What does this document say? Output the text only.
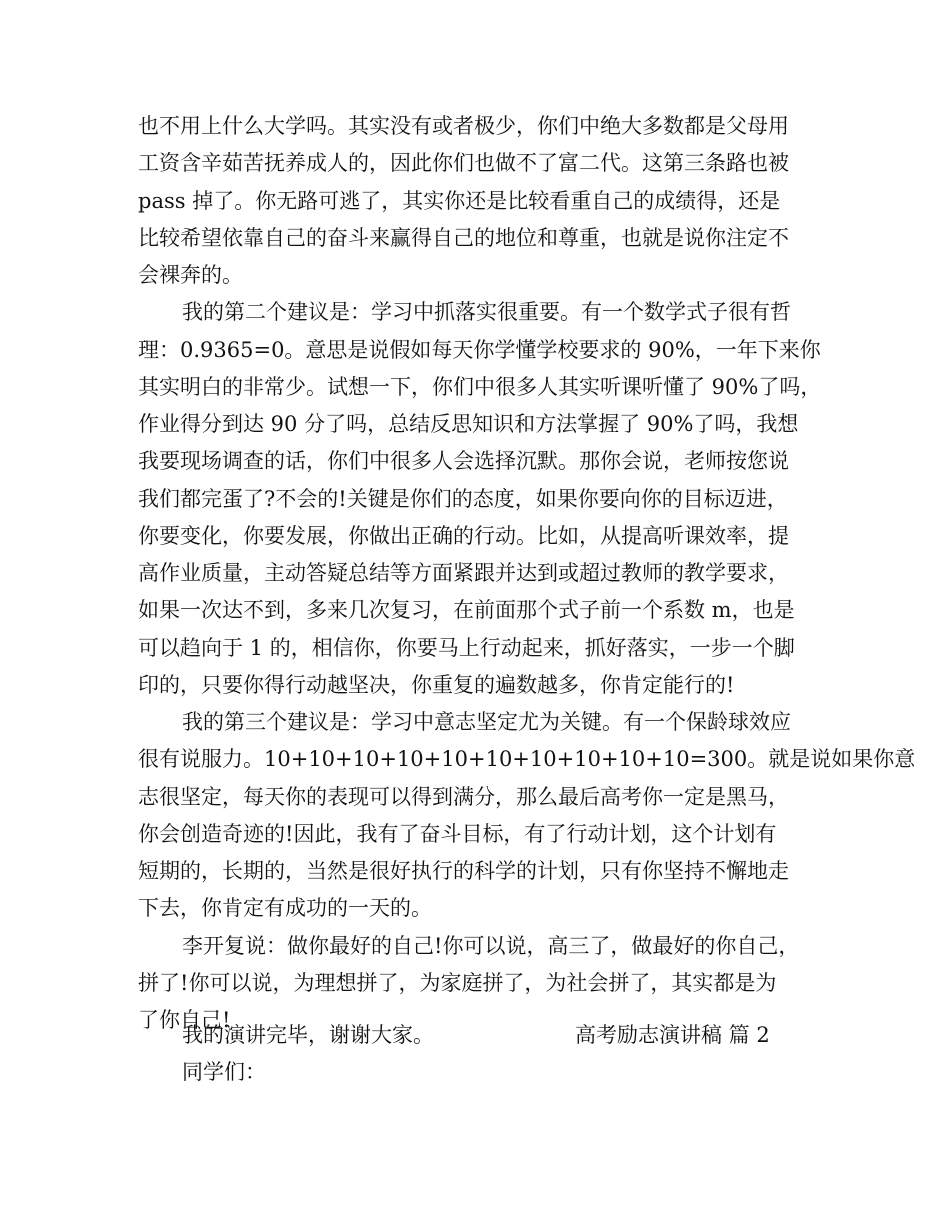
也不用上什么大学吗。其实没有或者极少，你们中绝大多数都是父母用
工资含辛茹苦抚养成人的，因此你们也做不了富二代。这第三条路也被
pass 掉了。你无路可逃了，其实你还是比较看重自己的成绩得，还是
比较希望依靠自己的奋斗来赢得自己的地位和尊重，也就是说你注定不
会裸奔的。
我的第二个建议是：学习中抓落实很重要。有一个数学式子很有哲
理：0.9365=0。意思是说假如每天你学懂学校要求的 90%，一年下来你
其实明白的非常少。试想一下，你们中很多人其实听课听懂了 90%了吗，
作业得分到达 90 分了吗，总结反思知识和方法掌握了 90%了吗，我想
我要现场调查的话，你们中很多人会选择沉默。那你会说，老师按您说
我们都完蛋了?不会的!关键是你们的态度，如果你要向你的目标迈进，
你要变化，你要发展，你做出正确的行动。比如，从提高听课效率，提
高作业质量，主动答疑总结等方面紧跟并达到或超过教师的教学要求，
如果一次达不到，多来几次复习，在前面那个式子前一个系数 m，也是
可以趋向于 1 的，相信你，你要马上行动起来，抓好落实，一步一个脚
印的，只要你得行动越坚决，你重复的遍数越多，你肯定能行的!
我的第三个建议是：学习中意志坚定尤为关键。有一个保龄球效应
很有说服力。10+10+10+10+10+10+10+10+10+10=300。就是说如果你意
志很坚定，每天你的表现可以得到满分，那么最后高考你一定是黑马，
你会创造奇迹的!因此，我有了奋斗目标，有了行动计划，这个计划有
短期的，长期的，当然是很好执行的科学的计划，只有你坚持不懈地走
下去，你肯定有成功的一天的。
李开复说：做你最好的自己!你可以说，高三了，做最好的你自己，
拼了!你可以说，为理想拼了，为家庭拼了，为社会拼了，其实都是为
了你自己!
我的演讲完毕，谢谢大家。	高考励志演讲稿 篇 2
同学们：
